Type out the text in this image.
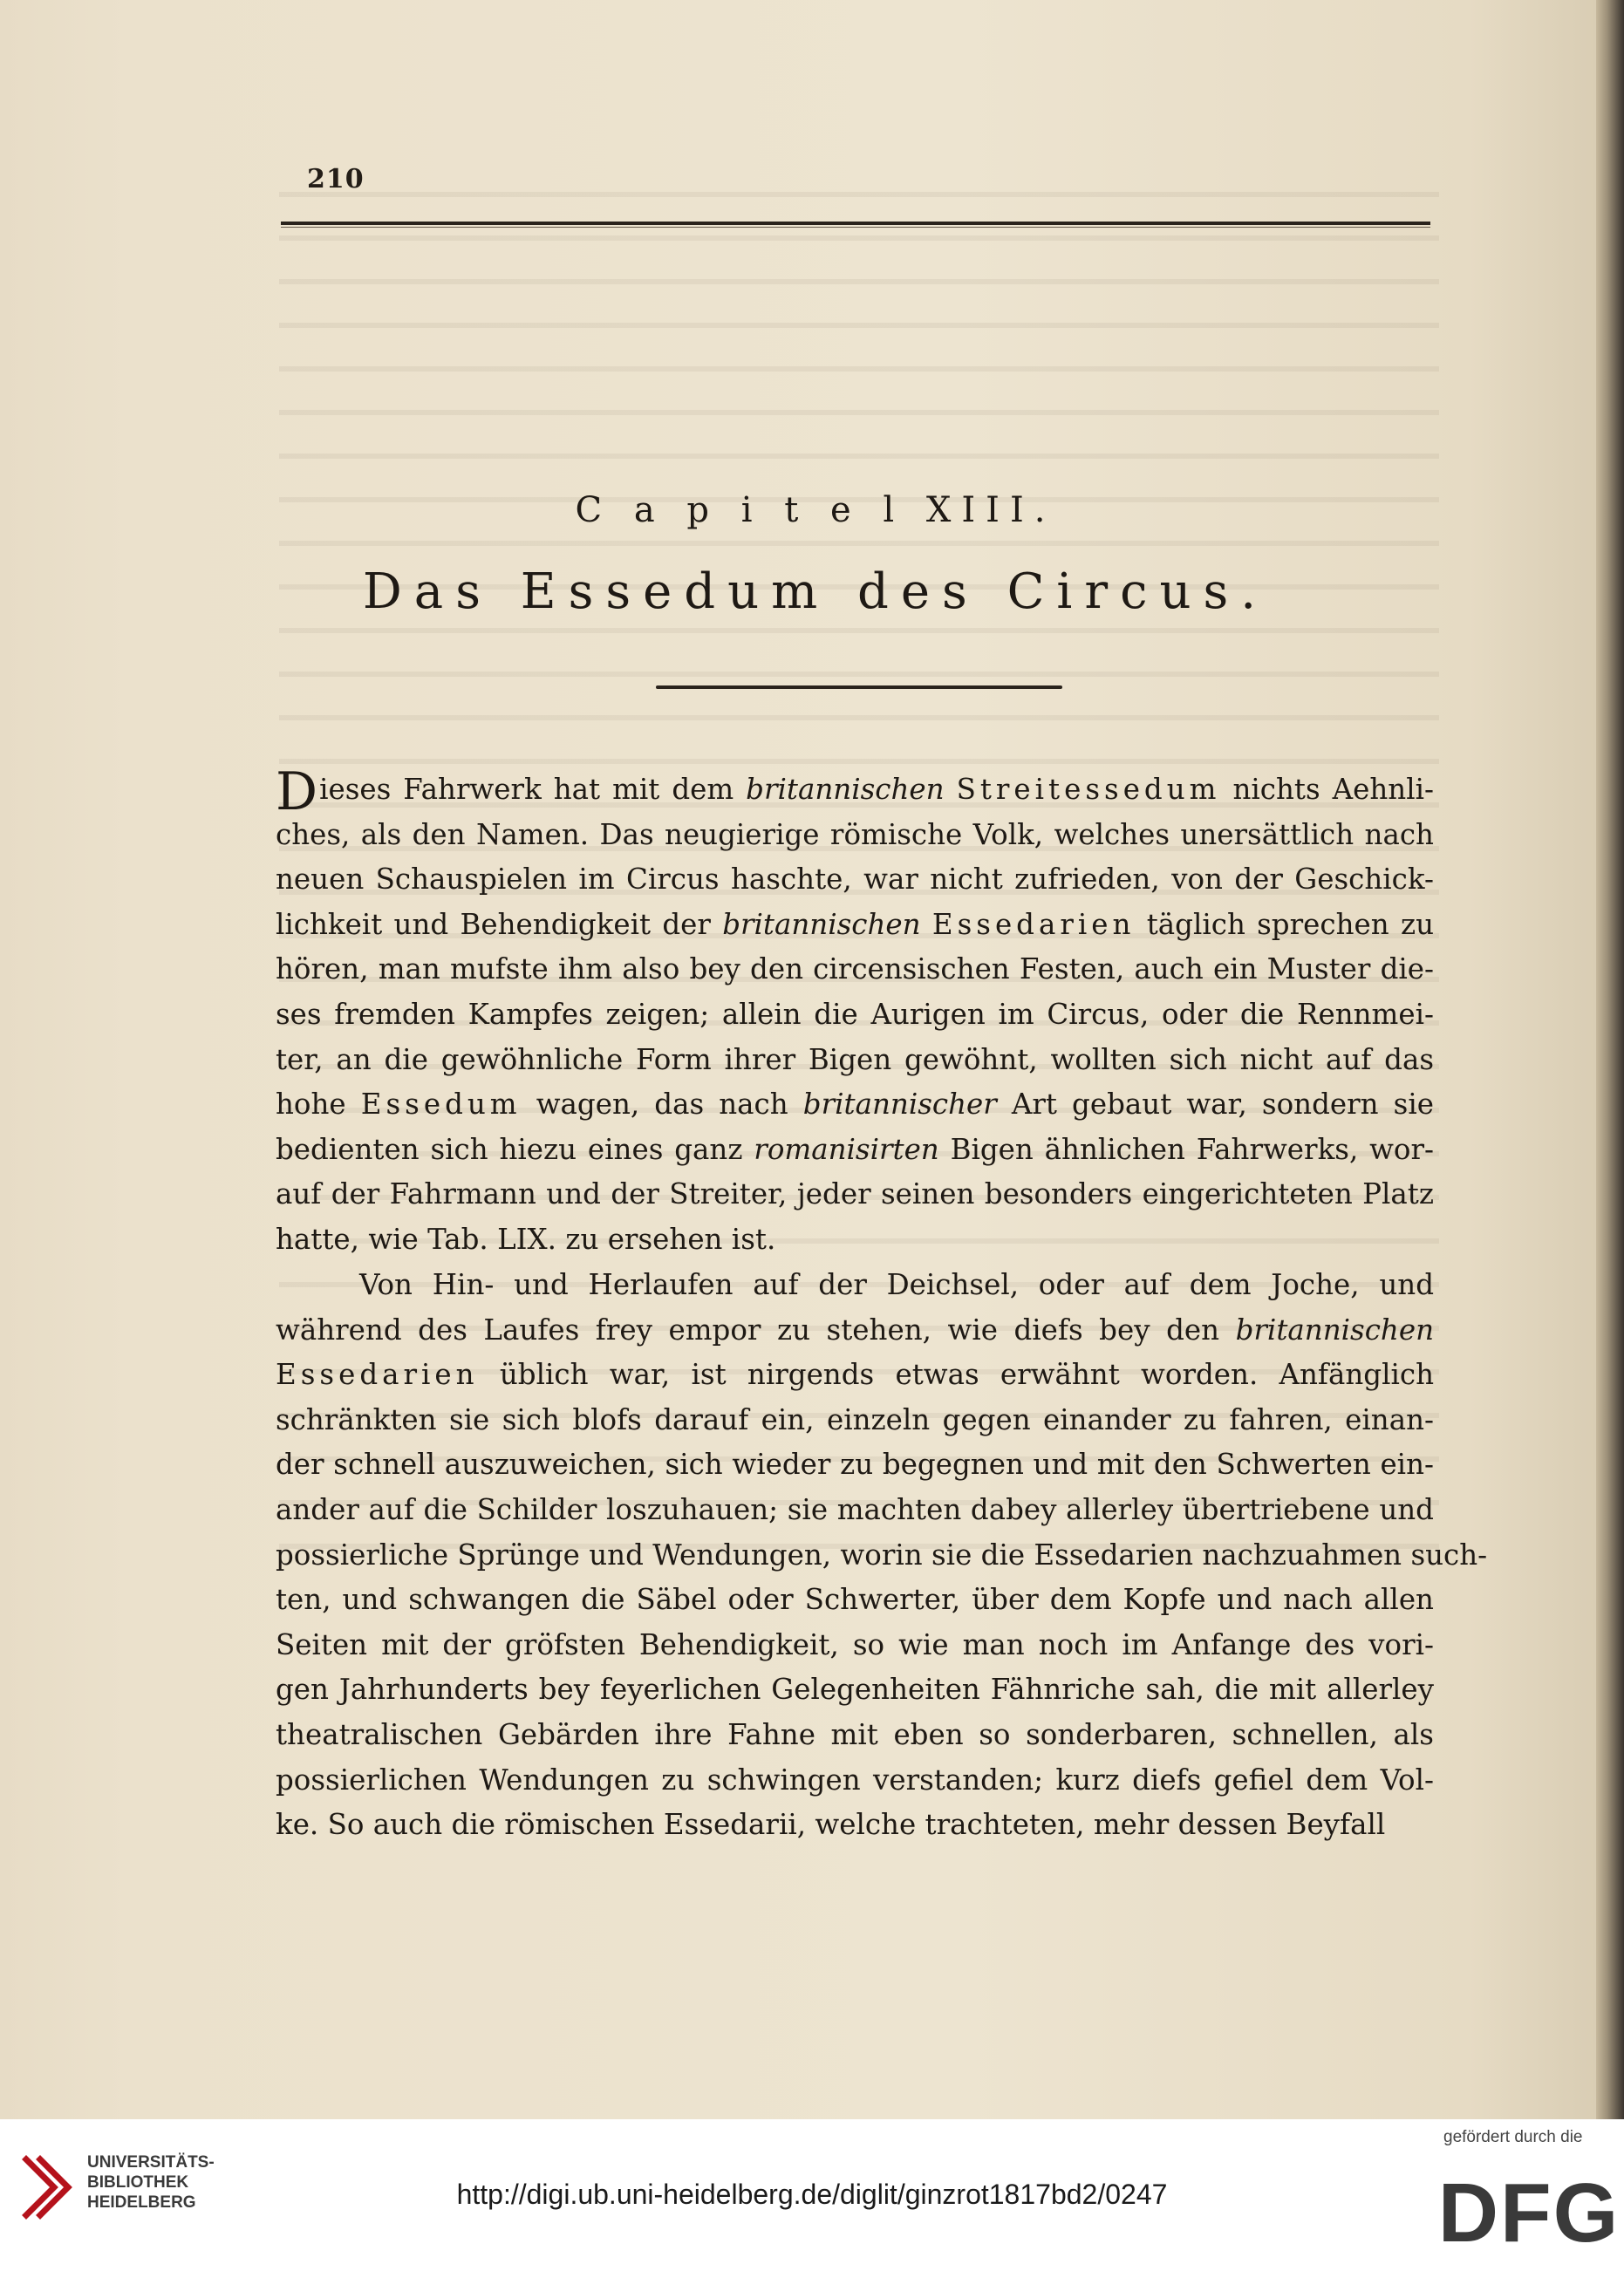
210
C a p i t e l XIII.
Das Essedum des Circus.
Dieses Fahrwerk hat mit dem britannischen Streitessedum nichts Aehnli-
ches, als den Namen. Das neugierige römische Volk, welches unersättlich nach
neuen Schauspielen im Circus haschte, war nicht zufrieden, von der Geschick-
lichkeit und Behendigkeit der britannischen Essedarien täglich sprechen zu
hören, man mufste ihm also bey den circensischen Festen, auch ein Muster die-
ses fremden Kampfes zeigen; allein die Aurigen im Circus, oder die Rennmei-
ter, an die gewöhnliche Form ihrer Bigen gewöhnt, wollten sich nicht auf das
hohe Essedum wagen, das nach britannischer Art gebaut war, sondern sie
bedienten sich hiezu eines ganz romanisirten Bigen ähnlichen Fahrwerks, wor-
auf der Fahrmann und der Streiter, jeder seinen besonders eingerichteten Platz
hatte, wie Tab. LIX. zu ersehen ist.
Von Hin- und Herlaufen auf der Deichsel, oder auf dem Joche, und
während des Laufes frey empor zu stehen, wie diefs bey den britannischen
Essedarien üblich war, ist nirgends etwas erwähnt worden. Anfänglich
schränkten sie sich blofs darauf ein, einzeln gegen einander zu fahren, einan-
der schnell auszuweichen, sich wieder zu begegnen und mit den Schwerten ein-
ander auf die Schilder loszuhauen; sie machten dabey allerley übertriebene und
possierliche Sprünge und Wendungen, worin sie die Essedarien nachzuahmen such-
ten, und schwangen die Säbel oder Schwerter, über dem Kopfe und nach allen
Seiten mit der gröfsten Behendigkeit, so wie man noch im Anfange des vori-
gen Jahrhunderts bey feyerlichen Gelegenheiten Fähnriche sah, die mit allerley
theatralischen Gebärden ihre Fahne mit eben so sonderbaren, schnellen, als
possierlichen Wendungen zu schwingen verstanden; kurz diefs gefiel dem Vol-
ke. So auch die römischen Essedarii, welche trachteten, mehr dessen Beyfall
UNIVERSITÄTS-
BIBLIOTHEK
HEIDELBERG	http://digi.ub.uni-heidelberg.de/diglit/ginzrot1817bd2/0247
gefördert durch die
DFG
